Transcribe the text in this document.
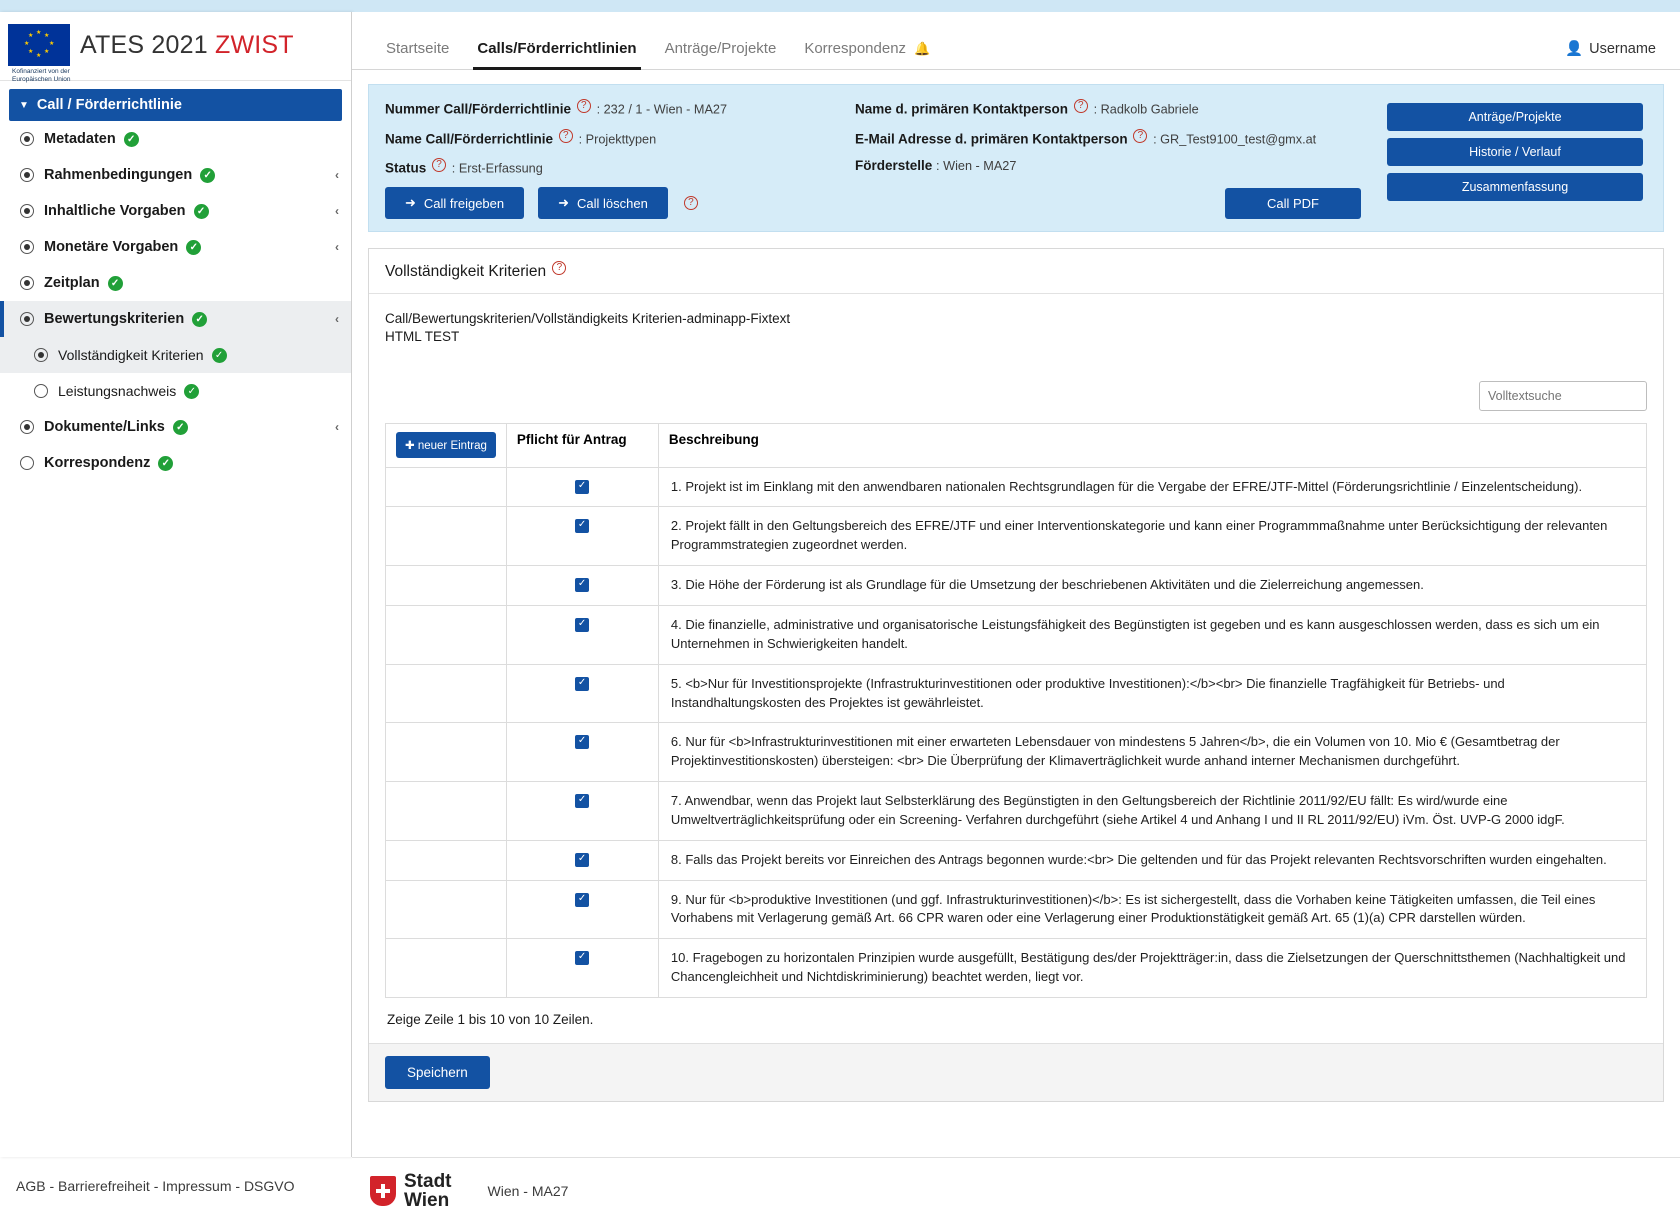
★ ★
★
★
★
★
★
★
Kofinanziert von der Europäischen Union
ATES 2021 ZWIST
▼ Call / Förderrichtlinie
Metadaten	✓
Rahmenbedingungen	✓	‹
Inhaltliche Vorgaben	✓	‹
Monetäre Vorgaben	✓	‹
Zeitplan	✓
Bewertungskriterien	✓	‹
Vollständigkeit Kriterien	✓
Leistungsnachweis	✓
Dokumente/Links	✓	‹
Korrespondenz	✓
AGB - Barrierefreiheit - Impressum - DSGVO
Startseite	Calls/Förderrichtlinien	Anträge/Projekte	Korrespondenz 🔔	👤 Username
Nummer Call/Förderrichtlinie ? : 232 / 1 - Wien - MA27
Name Call/Förderrichtlinie ? : Projekttypen
Status ? : Erst-Erfassung
Name d. primären Kontaktperson ? : Radkolb Gabriele
E-Mail Adresse d. primären Kontaktperson ? : GR_Test9100_test@gmx.at
Förderstelle : Wien - MA27
Anträge/Projekte
Historie / Verlauf
Zusammenfassung
➜ Call freigeben	➜ Call löschen	?	Call PDF
Vollständigkeit Kriterien ?
Call/Bewertungskriterien/Vollständigkeits Kriterien-adminapp-Fixtext
HTML TEST
Volltextsuche
✚ neuer Eintrag	Pflicht für Antrag	Beschreibung
	✓	1. Projekt ist im Einklang mit den anwendbaren nationalen Rechtsgrundlagen für die Vergabe der EFRE/JTF-Mittel (Förderungsrichtlinie / Einzelentscheidung).
	✓	2. Projekt fällt in den Geltungsbereich des EFRE/JTF und einer Interventionskategorie und kann einer Programmmaßnahme unter Berücksichtigung der relevanten Programmstrategien zugeordnet werden.
	✓	3. Die Höhe der Förderung ist als Grundlage für die Umsetzung der beschriebenen Aktivitäten und die Zielerreichung angemessen.
	✓	4. Die finanzielle, administrative und organisatorische Leistungsfähigkeit des Begünstigten ist gegeben und es kann ausgeschlossen werden, dass es sich um ein Unternehmen in Schwierigkeiten handelt.
	✓	5. <b>Nur für Investitionsprojekte (Infrastrukturinvestitionen oder produktive Investitionen):</b><br> Die finanzielle Tragfähigkeit für Betriebs- und Instandhaltungskosten des Projektes ist gewährleistet.
	✓	6. Nur für <b>Infrastrukturinvestitionen mit einer erwarteten Lebensdauer von mindestens 5 Jahren</b>, die ein Volumen von 10. Mio € (Gesamtbetrag der Projektinvestitionskosten) übersteigen: <br> Die Überprüfung der Klimaverträglichkeit wurde anhand interner Mechanismen durchgeführt.
	✓	7. Anwendbar, wenn das Projekt laut Selbsterklärung des Begünstigten in den Geltungsbereich der Richtlinie 2011/92/EU fällt: Es wird/wurde eine Umweltverträglichkeitsprüfung oder ein Screening- Verfahren durchgeführt (siehe Artikel 4 und Anhang I und II RL 2011/92/EU) iVm. Öst. UVP-G 2000 idgF.
	✓	8. Falls das Projekt bereits vor Einreichen des Antrags begonnen wurde:<br> Die geltenden und für das Projekt relevanten Rechtsvorschriften wurden eingehalten.
	✓	9. Nur für <b>produktive Investitionen (und ggf. Infrastrukturinvestitionen)</b>: Es ist sichergestellt, dass die Vorhaben keine Tätigkeiten umfassen, die Teil eines Vorhabens mit Verlagerung gemäß Art. 66 CPR waren oder eine Verlagerung einer Produktionstätigkeit gemäß Art. 65 (1)(a) CPR darstellen würden.
	✓	10. Fragebogen zu horizontalen Prinzipien wurde ausgefüllt, Bestätigung des/der Projektträger:in, dass die Zielsetzungen der Querschnittsthemen (Nachhaltigkeit und Chancengleichheit und Nichtdiskriminierung) beachtet werden, liegt vor.
Zeige Zeile 1 bis 10 von 10 Zeilen.
Speichern
Stadt
Wien	Wien - MA27
